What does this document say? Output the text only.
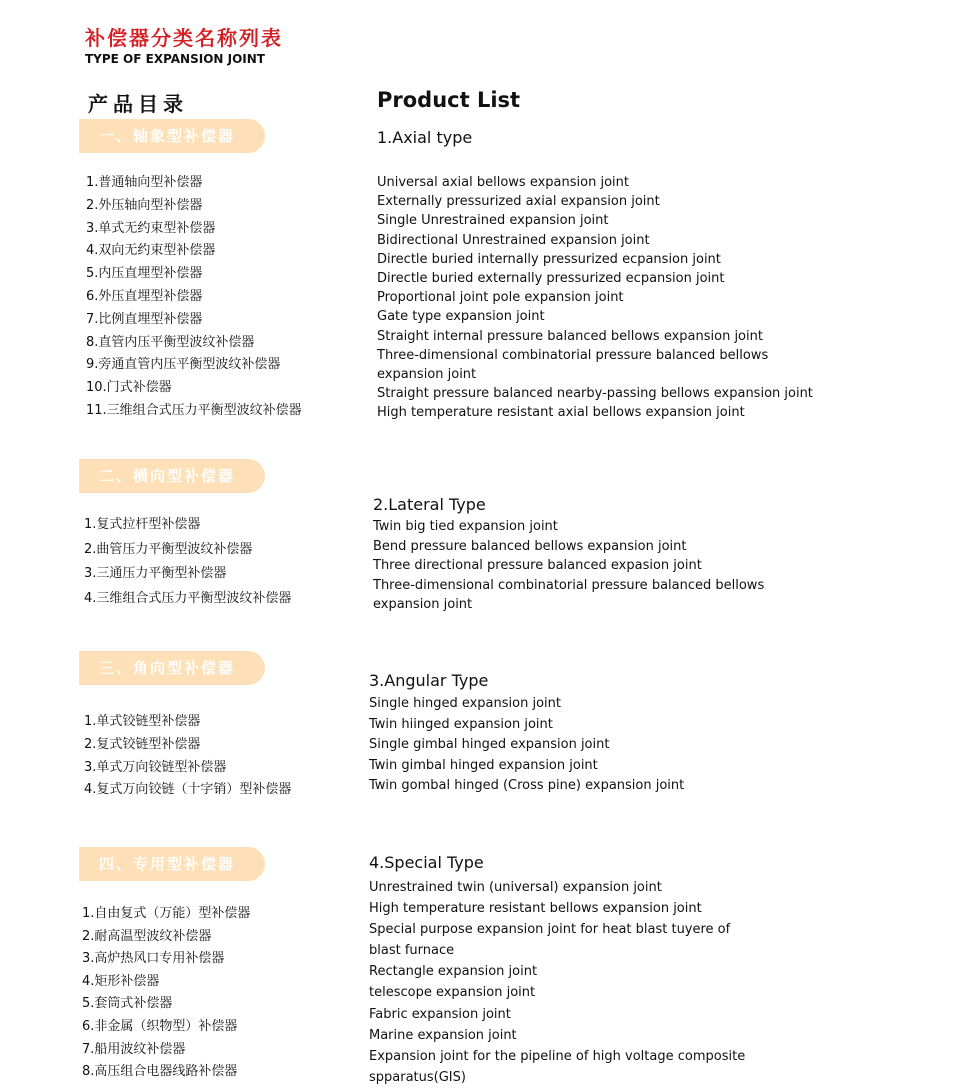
补偿器分类名称列表
TYPE OF EXPANSION JOINT
产品目录	Product List
一、轴象型补偿器	1.Axial type
1.普通轴向型补偿器
2.外压轴向型补偿器
3.单式无约束型补偿器
4.双向无约束型补偿器
5.内压直埋型补偿器
6.外压直埋型补偿器
7.比例直埋型补偿器
8.直管内压平衡型波纹补偿器
9.旁通直管内压平衡型波纹补偿器
10.门式补偿器
11.三维组合式压力平衡型波纹补偿器
Universal axial bellows expansion joint
Externally pressurized axial expansion joint
Single Unrestrained expansion joint
Bidirectional Unrestrained expansion joint
Directle buried internally pressurized ecpansion joint
Directle buried externally pressurized ecpansion joint
Proportional joint pole expansion joint
Gate type expansion joint
Straight internal pressure balanced bellows expansion joint
Three-dimensional combinatorial pressure balanced bellows
expansion joint
Straight pressure balanced nearby-passing bellows expansion joint
High temperature resistant axial bellows expansion joint
二、横向型补偿器
2.Lateral Type
1.复式拉杆型补偿器
2.曲管压力平衡型波纹补偿器
3.三通压力平衡型补偿器
4.三维组合式压力平衡型波纹补偿器
Twin big tied expansion joint
Bend pressure balanced bellows expansion joint
Three directional pressure balanced expasion joint
Three-dimensional combinatorial pressure balanced bellows
expansion joint
三、角向型补偿器
3.Angular Type
1.单式铰链型补偿器
2.复式铰链型补偿器
3.单式万向铰链型补偿器
4.复式万向铰链（十字销）型补偿器
Single hinged expansion joint
Twin hiinged expansion joint
Single gimbal hinged expansion joint
Twin gimbal hinged expansion joint
Twin gombal hinged (Cross pine) expansion joint
四、专用型补偿器	4.Special Type
1.自由复式（万能）型补偿器
2.耐高温型波纹补偿器
3.高炉热风口专用补偿器
4.矩形补偿器
5.套筒式补偿器
6.非金属（织物型）补偿器
7.船用波纹补偿器
8.高压组合电器线路补偿器
Unrestrained twin (universal) expansion joint
High temperature resistant bellows expansion joint
Special purpose expansion joint for heat blast tuyere of
blast furnace
Rectangle expansion joint
telescope expansion joint
Fabric expansion joint
Marine expansion joint
Expansion joint for the pipeline of high voltage composite
spparatus(GIS)
